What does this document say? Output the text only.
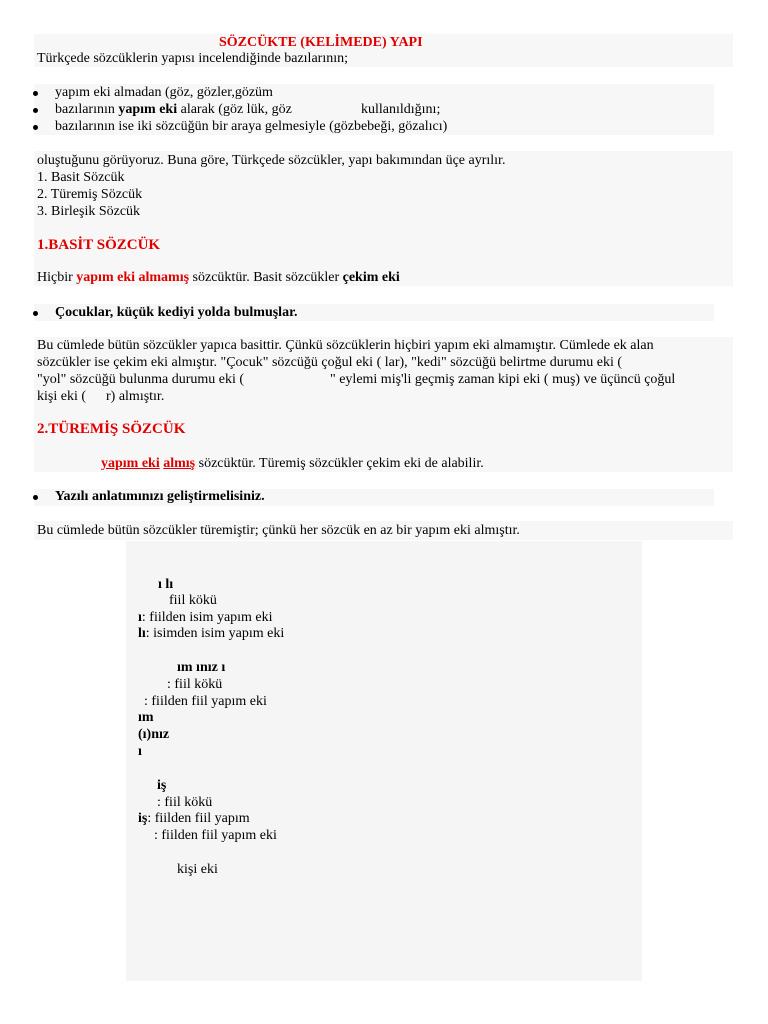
SÖZCÜKTE (KELİMEDE) YAPI
Türkçede sözcüklerin yapısı incelendiğinde bazılarının;
yapım eki almadan (göz, gözler,gözüm
bazılarının yapım eki alarak (göz lük, göz	kullanıldığını;
bazılarının ise iki sözcüğün bir araya gelmesiyle (gözbebeği, gözalıcı)
oluştuğunu görüyoruz. Buna göre, Türkçede sözcükler, yapı bakımından üçe ayrılır.
1. Basit Sözcük
2. Türemiş Sözcük
3. Birleşik Sözcük
1.BASİT SÖZCÜK
Hiçbir yapım eki almamış sözcüktür. Basit sözcükler çekim eki
Çocuklar, küçük kediyi yolda bulmuşlar.
Bu cümlede bütün sözcükler yapıca basittir. Çünkü sözcüklerin hiçbiri yapım eki almamıştır. Cümlede ek alan
sözcükler ise çekim eki almıştır. "Çocuk" sözcüğü çoğul eki ( lar), "kedi" sözcüğü belirtme durumu eki (
"yol" sözcüğü bulunma durumu eki (	" eylemi miş'li geçmiş zaman kipi eki ( muş) ve üçüncü çoğul
kişi eki ( r) almıştır.
2.TÜREMİŞ SÖZCÜK
yapım eki almış sözcüktür. Türemiş sözcükler çekim eki de alabilir.
Yazılı anlatımınızı geliştirmelisiniz.
Bu cümlede bütün sözcükler türemiştir; çünkü her sözcük en az bir yapım eki almıştır.
ı lı
fiil kökü
ı: fiilden isim yapım eki
lı: isimden isim yapım eki
ım ınız ı
: fiil kökü
: fiilden fiil yapım eki
ım
(ı)nız
ı
iş
: fiil kökü
iş: fiilden fiil yapım
: fiilden fiil yapım eki
kişi eki
